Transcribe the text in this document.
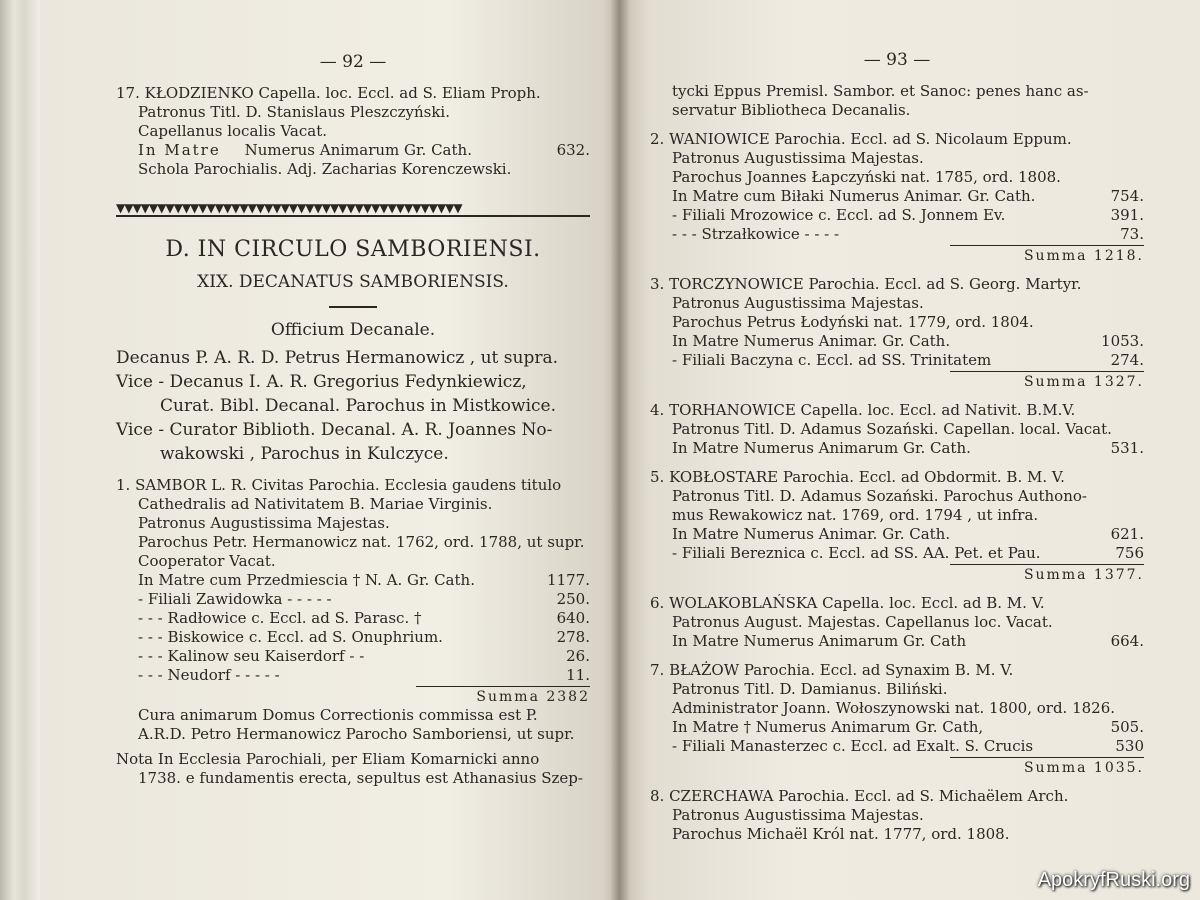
— 92 —
17. KŁODZIENKO Capella. loc. Eccl. ad S. Eliam Proph.
Patronus Titl. D. Stanislaus Pleszczyński.
Capellanus localis Vacat.
In Matre Numerus Animarum Gr. Cath.	632.
Schola Parochialis. Adj. Zacharias Korenczewski.
▼▼▼▼▼▼▼▼▼▼▼▼▼▼▼▼▼▼▼▼▼▼▼▼▼▼▼▼▼▼▼▼▼▼▼▼▼▼▼▼▼▼
D. IN CIRCULO SAMBORIENSI.
XIX. DECANATUS SAMBORIENSIS.
Officium Decanale.
Decanus P. A. R. D. Petrus Hermanowicz , ut supra.
Vice - Decanus I. A. R. Gregorius Fedynkiewicz,
Curat. Bibl. Decanal. Parochus in Mistkowice.
Vice - Curator Biblioth. Decanal. A. R. Joannes No-
wakowski , Parochus in Kulczyce.
1. SAMBOR L. R. Civitas Parochia. Ecclesia gaudens titulo
Cathedralis ad Nativitatem B. Mariae Virginis.
Patronus Augustissima Majestas.
Parochus Petr. Hermanowicz nat. 1762, ord. 1788, ut supr.
Cooperator Vacat.
In Matre cum Przedmiescia † N. A. Gr. Cath.	1177.
- Filiali Zawidowka - - - - -	250.
- - - Radłowice c. Eccl. ad S. Parasc. †	640.
- - - Biskowice c. Eccl. ad S. Onuphrium.	278.
- - - Kalinow seu Kaiserdorf - -	26.
- - - Neudorf - - - - -	11.
Summa 2382
Cura animarum Domus Correctionis commissa est P.
A.R.D. Petro Hermanowicz Parocho Samboriensi, ut supr.
Nota In Ecclesia Parochiali, per Eliam Komarnicki anno
1738. e fundamentis erecta, sepultus est Athanasius Szep-
— 93 —
tycki Eppus Premisl. Sambor. et Sanoc: penes hanc as-
servatur Bibliotheca Decanalis.
2. WANIOWICE Parochia. Eccl. ad S. Nicolaum Eppum.
Patronus Augustissima Majestas.
Parochus Joannes Łapczyński nat. 1785, ord. 1808.
In Matre cum Biłaki Numerus Animar. Gr. Cath.	754.
- Filiali Mrozowice c. Eccl. ad S. Jonnem Ev.	391.
- - - Strzałkowice - - - -	73.
Summa 1218.
3. TORCZYNOWICE Parochia. Eccl. ad S. Georg. Martyr.
Patronus Augustissima Majestas.
Parochus Petrus Łodyński nat. 1779, ord. 1804.
In Matre Numerus Animar. Gr. Cath.	1053.
- Filiali Baczyna c. Eccl. ad SS. Trinitatem	274.
Summa 1327.
4. TORHANOWICE Capella. loc. Eccl. ad Nativit. B.M.V.
Patronus Titl. D. Adamus Sozański. Capellan. local. Vacat.
In Matre Numerus Animarum Gr. Cath.	531.
5. KOBŁOSTARE Parochia. Eccl. ad Obdormit. B. M. V.
Patronus Titl. D. Adamus Sozański. Parochus Authono-
mus Rewakowicz nat. 1769, ord. 1794 , ut infra.
In Matre Numerus Animar. Gr. Cath.	621.
- Filiali Bereznica c. Eccl. ad SS. AA. Pet. et Pau.	756
Summa 1377.
6. WOLAKOBLAŃSKA Capella. loc. Eccl. ad B. M. V.
Patronus August. Majestas. Capellanus loc. Vacat.
In Matre Numerus Animarum Gr. Cath	664.
7. BŁAŻOW Parochia. Eccl. ad Synaxim B. M. V.
Patronus Titl. D. Damianus. Biliński.
Administrator Joann. Wołoszynowski nat. 1800, ord. 1826.
In Matre † Numerus Animarum Gr. Cath,	505.
- Filiali Manasterzec c. Eccl. ad Exalt. S. Crucis	530
Summa 1035.
8. CZERCHAWA Parochia. Eccl. ad S. Michaëlem Arch.
Patronus Augustissima Majestas.
Parochus Michaël Król nat. 1777, ord. 1808.
ApokryfRuski.org
